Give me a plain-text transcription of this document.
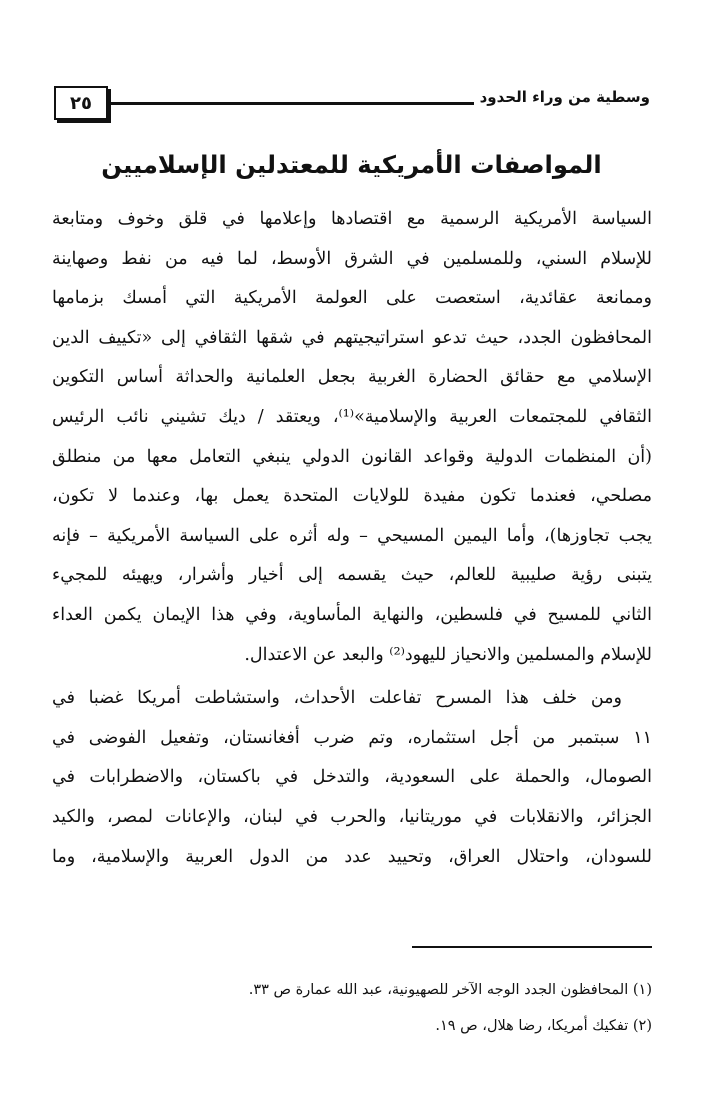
٢٥	وسطية من وراء الحدود
المواصفات الأمريكية للمعتدلين الإسلاميين
السياسة الأمريكية الرسمية مع اقتصادها وإعلامها في قلق وخوف ومتابعة
للإسلام السني، وللمسلمين في الشرق الأوسط، لما فيه من نفط وصهاينة
وممانعة عقائدية، استعصت على العولمة الأمريكية التي أمسك بزمامها
المحافظون الجدد، حيث تدعو استراتيجيتهم في شقها الثقافي إلى «تكييف الدين
الإسلامي مع حقائق الحضارة الغربية بجعل العلمانية والحداثة أساس التكوين
الثقافي للمجتمعات العربية والإسلامية»⁽¹⁾، ويعتقد / ديك تشيني نائب الرئيس
(أن المنظمات الدولية وقواعد القانون الدولي ينبغي التعامل معها من منطلق
مصلحي، فعندما تكون مفيدة للولايات المتحدة يعمل بها، وعندما لا تكون،
يجب تجاوزها)، وأما اليمين المسيحي – وله أثره على السياسة الأمريكية – فإنه
يتبنى رؤية صليبية للعالم، حيث يقسمه إلى أخيار وأشرار، ويهيئه للمجيء
الثاني للمسيح في فلسطين، والنهاية المأساوية، وفي هذا الإيمان يكمن العداء
للإسلام والمسلمين والانحياز لليهود⁽²⁾ والبعد عن الاعتدال.
ومن خلف هذا المسرح تفاعلت الأحداث، واستشاطت أمريكا غضبا في
١١ سبتمبر من أجل استثماره، وتم ضرب أفغانستان، وتفعيل الفوضى في
الصومال، والحملة على السعودية، والتدخل في باكستان، والاضطرابات في
الجزائر، والانقلابات في موريتانيا، والحرب في لبنان، والإعانات لمصر، والكيد
للسودان، واحتلال العراق، وتحييد عدد من الدول العربية والإسلامية، وما
(١) المحافظون الجدد الوجه الآخر للصهيونية، عبد الله عمارة ص ٣٣.
(٢) تفكيك أمريكا، رضا هلال، ص ١٩.
